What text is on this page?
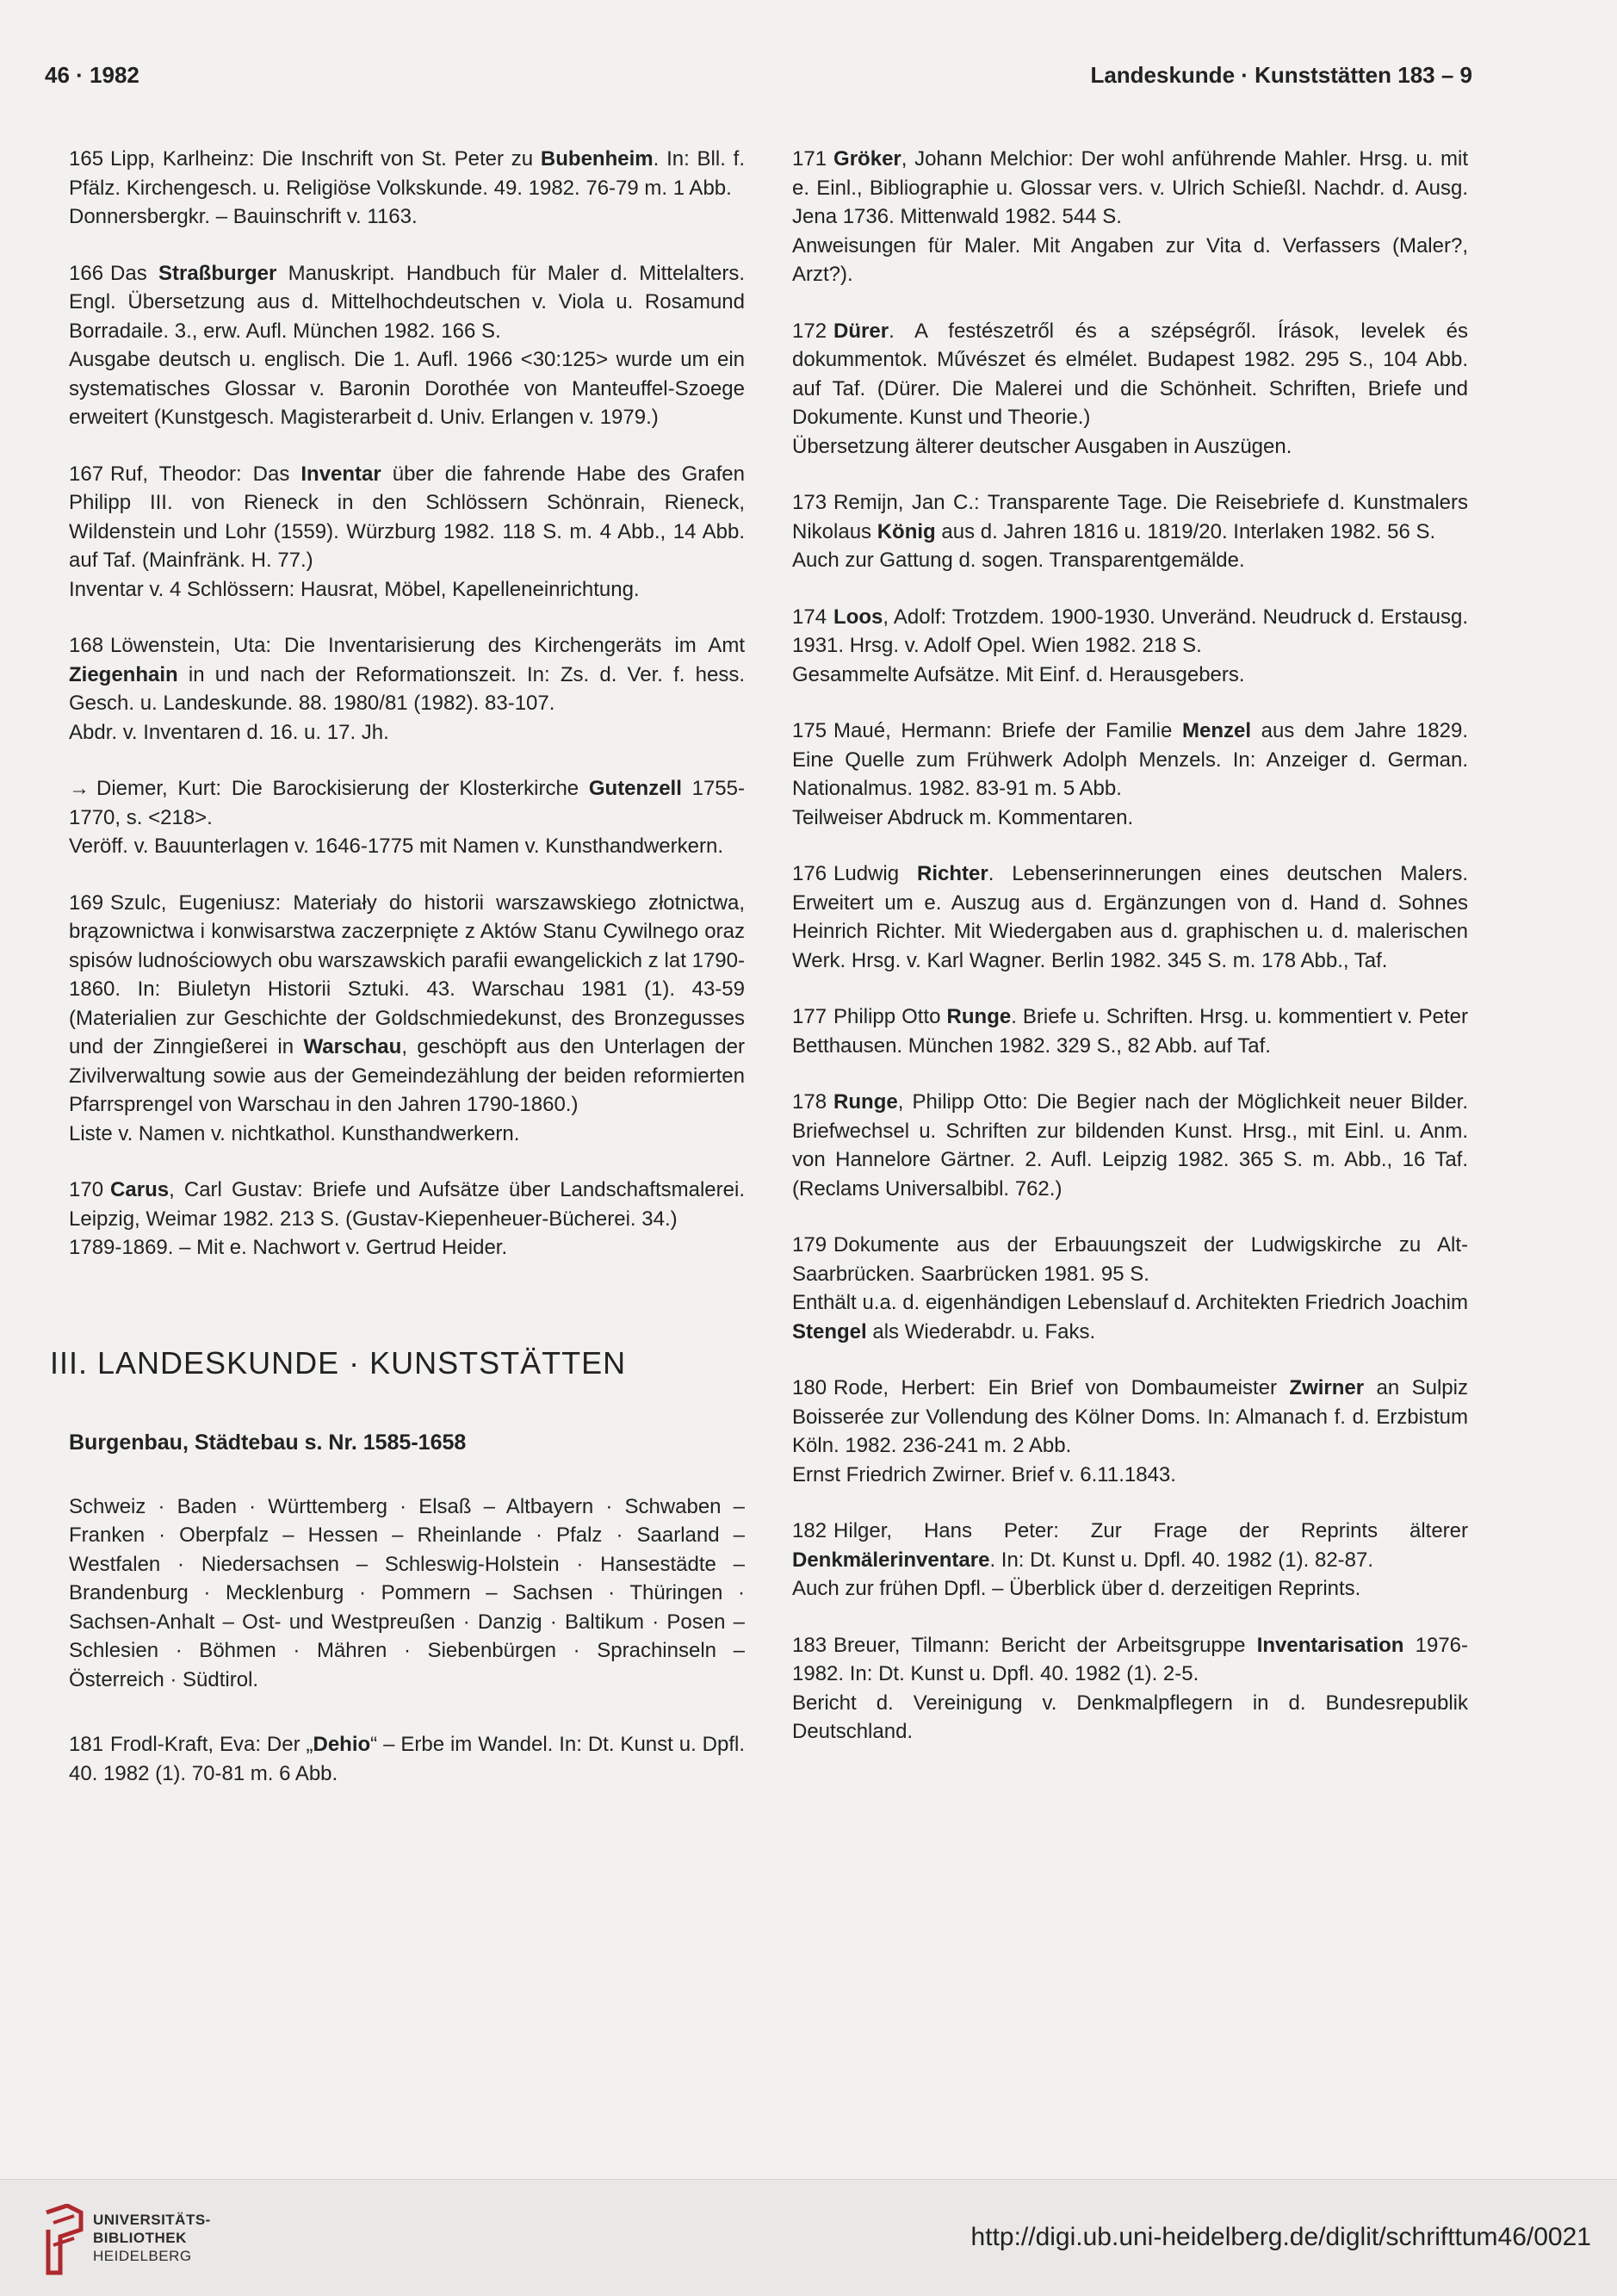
46 · 1982	Landeskunde · Kunststätten 183 – 9

165 Lipp, Karlheinz: Die Inschrift von St. Peter zu Bubenheim. In: Bll. f. Pfälz. Kirchengesch. u. Religiöse Volkskunde. 49. 1982. 76-79 m. 1 Abb.

Donnersbergkr. – Bauinschrift v. 1163.

166 Das Straßburger Manuskript. Handbuch für Maler d. Mittelalters. Engl. Übersetzung aus d. Mittelhochdeutschen v. Viola u. Rosamund Borradaile. 3., erw. Aufl. München 1982. 166 S.

Ausgabe deutsch u. englisch. Die 1. Aufl. 1966 <30:125> wurde um ein systematisches Glossar v. Baronin Dorothée von Manteuffel-Szoege erweitert (Kunstgesch. Magisterarbeit d. Univ. Erlangen v. 1979.)

167 Ruf, Theodor: Das Inventar über die fahrende Habe des Grafen Philipp III. von Rieneck in den Schlössern Schönrain, Rieneck, Wildenstein und Lohr (1559). Würzburg 1982. 118 S. m. 4 Abb., 14 Abb. auf Taf. (Mainfränk. H. 77.)

Inventar v. 4 Schlössern: Hausrat, Möbel, Kapelleneinrichtung.

168 Löwenstein, Uta: Die Inventarisierung des Kirchengeräts im Amt Ziegenhain in und nach der Reformationszeit. In: Zs. d. Ver. f. hess. Gesch. u. Landeskunde. 88. 1980/81 (1982). 83-107.

Abdr. v. Inventaren d. 16. u. 17. Jh.

→ Diemer, Kurt: Die Barockisierung der Klosterkirche Gutenzell 1755-1770, s. <218>.

Veröff. v. Bauunterlagen v. 1646-1775 mit Namen v. Kunsthandwerkern.

169 Szulc, Eugeniusz: Materiały do historii warszawskiego złotnictwa, brązownictwa i konwisarstwa zaczerpnięte z Aktów Stanu Cywilnego oraz spisów ludnościowych obu warszawskich parafii ewangelickich z lat 1790-1860. In: Biuletyn Historii Sztuki. 43. Warschau 1981 (1). 43-59 (Materialien zur Geschichte der Goldschmiedekunst, des Bronzegusses und der Zinngießerei in Warschau, geschöpft aus den Unterlagen der Zivilverwaltung sowie aus der Gemeindezählung der beiden reformierten Pfarrsprengel von Warschau in den Jahren 1790-1860.)

Liste v. Namen v. nichtkathol. Kunsthandwerkern.

170 Carus, Carl Gustav: Briefe und Aufsätze über Landschaftsmalerei. Leipzig, Weimar 1982. 213 S. (Gustav-Kiepenheuer-Bücherei. 34.)

1789-1869. – Mit e. Nachwort v. Gertrud Heider.

III. LANDESKUNDE · KUNSTSTÄTTEN
Burgenbau, Städtebau s. Nr. 1585-1658
Schweiz · Baden · Württemberg · Elsaß – Altbayern · Schwaben – Franken · Oberpfalz – Hessen – Rheinlande · Pfalz · Saarland – Westfalen · Niedersachsen – Schleswig-Holstein · Hansestädte – Brandenburg · Mecklenburg · Pommern – Sachsen · Thüringen · Sachsen-Anhalt – Ost- und Westpreußen · Danzig · Baltikum · Posen – Schlesien · Böhmen · Mähren · Siebenbürgen · Sprachinseln – Österreich · Südtirol.

181 Frodl-Kraft, Eva: Der „Dehio“ – Erbe im Wandel. In: Dt. Kunst u. Dpfl. 40. 1982 (1). 70-81 m. 6 Abb.

171 Gröker, Johann Melchior: Der wohl anführende Mahler. Hrsg. u. mit e. Einl., Bibliographie u. Glossar vers. v. Ulrich Schießl. Nachdr. d. Ausg. Jena 1736. Mittenwald 1982. 544 S.

Anweisungen für Maler. Mit Angaben zur Vita d. Verfassers (Maler?, Arzt?).

172 Dürer. A festészetről és a szépségről. Írások, levelek és dokummentok. Művészet és elmélet. Budapest 1982. 295 S., 104 Abb. auf Taf. (Dürer. Die Malerei und die Schönheit. Schriften, Briefe und Dokumente. Kunst und Theorie.)

Übersetzung älterer deutscher Ausgaben in Auszügen.

173 Remijn, Jan C.: Transparente Tage. Die Reisebriefe d. Kunstmalers Nikolaus König aus d. Jahren 1816 u. 1819/20. Interlaken 1982. 56 S.

Auch zur Gattung d. sogen. Transparentgemälde.

174 Loos, Adolf: Trotzdem. 1900-1930. Unveränd. Neudruck d. Erstausg. 1931. Hrsg. v. Adolf Opel. Wien 1982. 218 S.

Gesammelte Aufsätze. Mit Einf. d. Herausgebers.

175 Maué, Hermann: Briefe der Familie Menzel aus dem Jahre 1829. Eine Quelle zum Frühwerk Adolph Menzels. In: Anzeiger d. German. Nationalmus. 1982. 83-91 m. 5 Abb.

Teilweiser Abdruck m. Kommentaren.

176 Ludwig Richter. Lebenserinnerungen eines deutschen Malers. Erweitert um e. Auszug aus d. Ergänzungen von d. Hand d. Sohnes Heinrich Richter. Mit Wiedergaben aus d. graphischen u. d. malerischen Werk. Hrsg. v. Karl Wagner. Berlin 1982. 345 S. m. 178 Abb., Taf.

177 Philipp Otto Runge. Briefe u. Schriften. Hrsg. u. kommentiert v. Peter Betthausen. München 1982. 329 S., 82 Abb. auf Taf.

178 Runge, Philipp Otto: Die Begier nach der Möglichkeit neuer Bilder. Briefwechsel u. Schriften zur bildenden Kunst. Hrsg., mit Einl. u. Anm. von Hannelore Gärtner. 2. Aufl. Leipzig 1982. 365 S. m. Abb., 16 Taf. (Reclams Universalbibl. 762.)

179 Dokumente aus der Erbauungszeit der Ludwigskirche zu Alt-Saarbrücken. Saarbrücken 1981. 95 S.

Enthält u.a. d. eigenhändigen Lebenslauf d. Architekten Friedrich Joachim Stengel als Wiederabdr. u. Faks.

180 Rode, Herbert: Ein Brief von Dombaumeister Zwirner an Sulpiz Boisserée zur Vollendung des Kölner Doms. In: Almanach f. d. Erzbistum Köln. 1982. 236-241 m. 2 Abb.

Ernst Friedrich Zwirner. Brief v. 6.11.1843.

182 Hilger, Hans Peter: Zur Frage der Reprints älterer Denkmälerinventare. In: Dt. Kunst u. Dpfl. 40. 1982 (1). 82-87.

Auch zur frühen Dpfl. – Überblick über d. derzeitigen Reprints.

183 Breuer, Tilmann: Bericht der Arbeitsgruppe Inventarisation 1976-1982. In: Dt. Kunst u. Dpfl. 40. 1982 (1). 2-5.

Bericht d. Vereinigung v. Denkmalpflegern in d. Bundesrepublik Deutschland.

UNIVERSITÄTS-
BIBLIOTHEK
HEIDELBERG
http://digi.ub.uni-heidelberg.de/diglit/schrifttum46/0021
